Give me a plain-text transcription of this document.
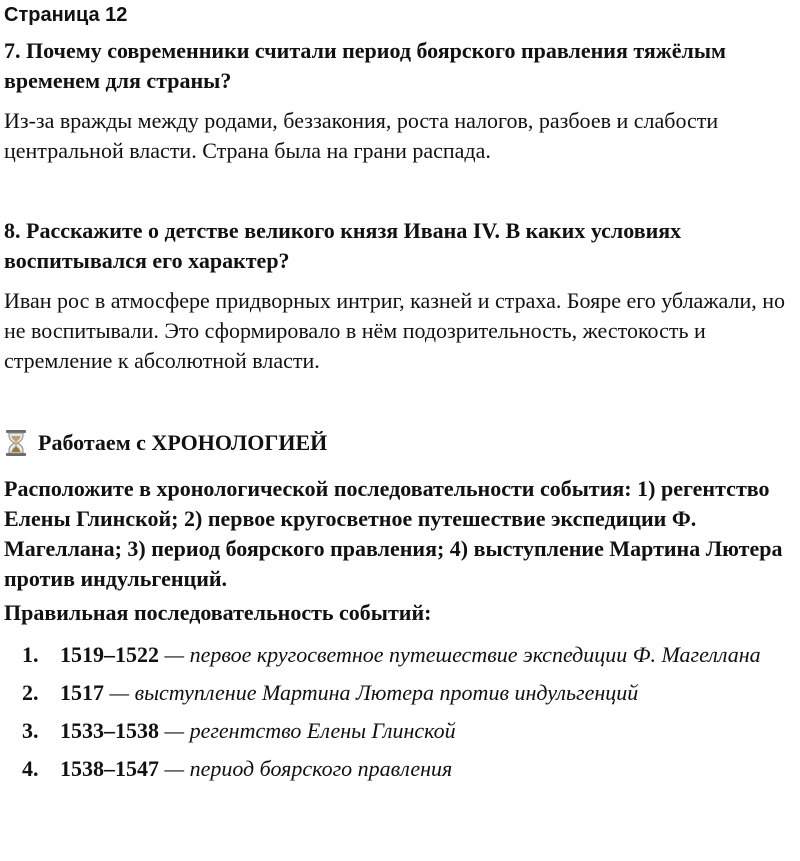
Страница 12
7. Почему современники считали период боярского правления тяжёлым временем для страны?
Из-за вражды между родами, беззакония, роста налогов, разбоев и слабости центральной власти. Страна была на грани распада.
8. Расскажите о детстве великого князя Ивана IV. В каких условиях воспитывался его характер?
Иван рос в атмосфере придворных интриг, казней и страха. Бояре его ублажали, но не воспитывали. Это сформировало в нём подозрительность, жестокость и стремление к абсолютной власти.
Работаем с ХРОНОЛОГИЕЙ
Расположите в хронологической последовательности события: 1) регентство Елены Глинской; 2) первое кругосветное путешествие экспедиции Ф. Магеллана; 3) период боярского правления; 4) выступление Мартина Лютера против индульгенций.
Правильная последовательность событий:
1. 1519–1522 — первое кругосветное путешествие экспедиции Ф. Магеллана
2. 1517 — выступление Мартина Лютера против индульгенций
3. 1533–1538 — регентство Елены Глинской
4. 1538–1547 — период боярского правления
